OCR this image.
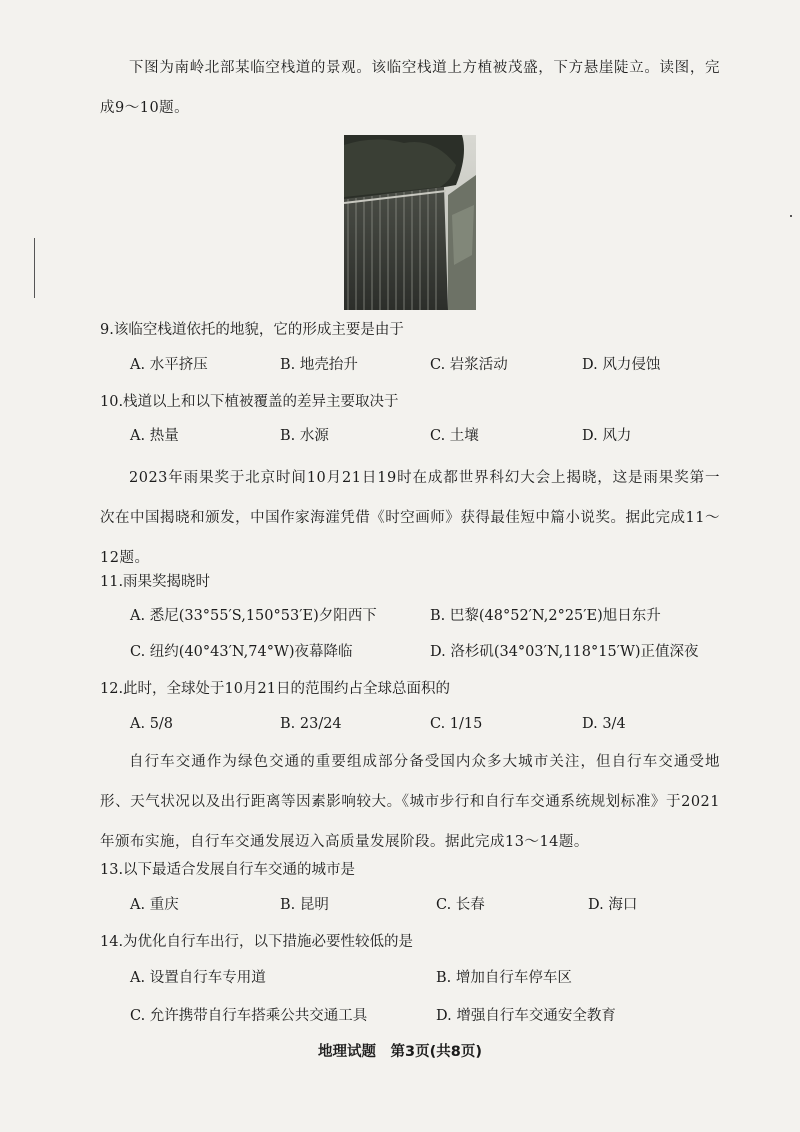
下图为南岭北部某临空栈道的景观。该临空栈道上方植被茂盛，下方悬崖陡立。读图，完成9～10题。
9.该临空栈道依托的地貌，它的形成主要是由于
A. 水平挤压	B. 地壳抬升	C. 岩浆活动	D. 风力侵蚀
10.栈道以上和以下植被覆盖的差异主要取决于
A. 热量	B. 水源	C. 土壤	D. 风力
2023年雨果奖于北京时间10月21日19时在成都世界科幻大会上揭晓，这是雨果奖第一次在中国揭晓和颁发，中国作家海漄凭借《时空画师》获得最佳短中篇小说奖。据此完成11～12题。
11.雨果奖揭晓时
A. 悉尼(33°55′S,150°53′E)夕阳西下	B. 巴黎(48°52′N,2°25′E)旭日东升
C. 纽约(40°43′N,74°W)夜幕降临	D. 洛杉矶(34°03′N,118°15′W)正值深夜
12.此时，全球处于10月21日的范围约占全球总面积的
A. 5/8	B. 23/24	C. 1/15	D. 3/4
自行车交通作为绿色交通的重要组成部分备受国内众多大城市关注，但自行车交通受地形、天气状况以及出行距离等因素影响较大。《城市步行和自行车交通系统规划标准》于2021年颁布实施，自行车交通发展迈入高质量发展阶段。据此完成13～14题。
13.以下最适合发展自行车交通的城市是
A. 重庆	B. 昆明	C. 长春	D. 海口
14.为优化自行车出行，以下措施必要性较低的是
A. 设置自行车专用道	B. 增加自行车停车区
C. 允许携带自行车搭乘公共交通工具	D. 增强自行车交通安全教育
地理试题　第3页(共8页)
